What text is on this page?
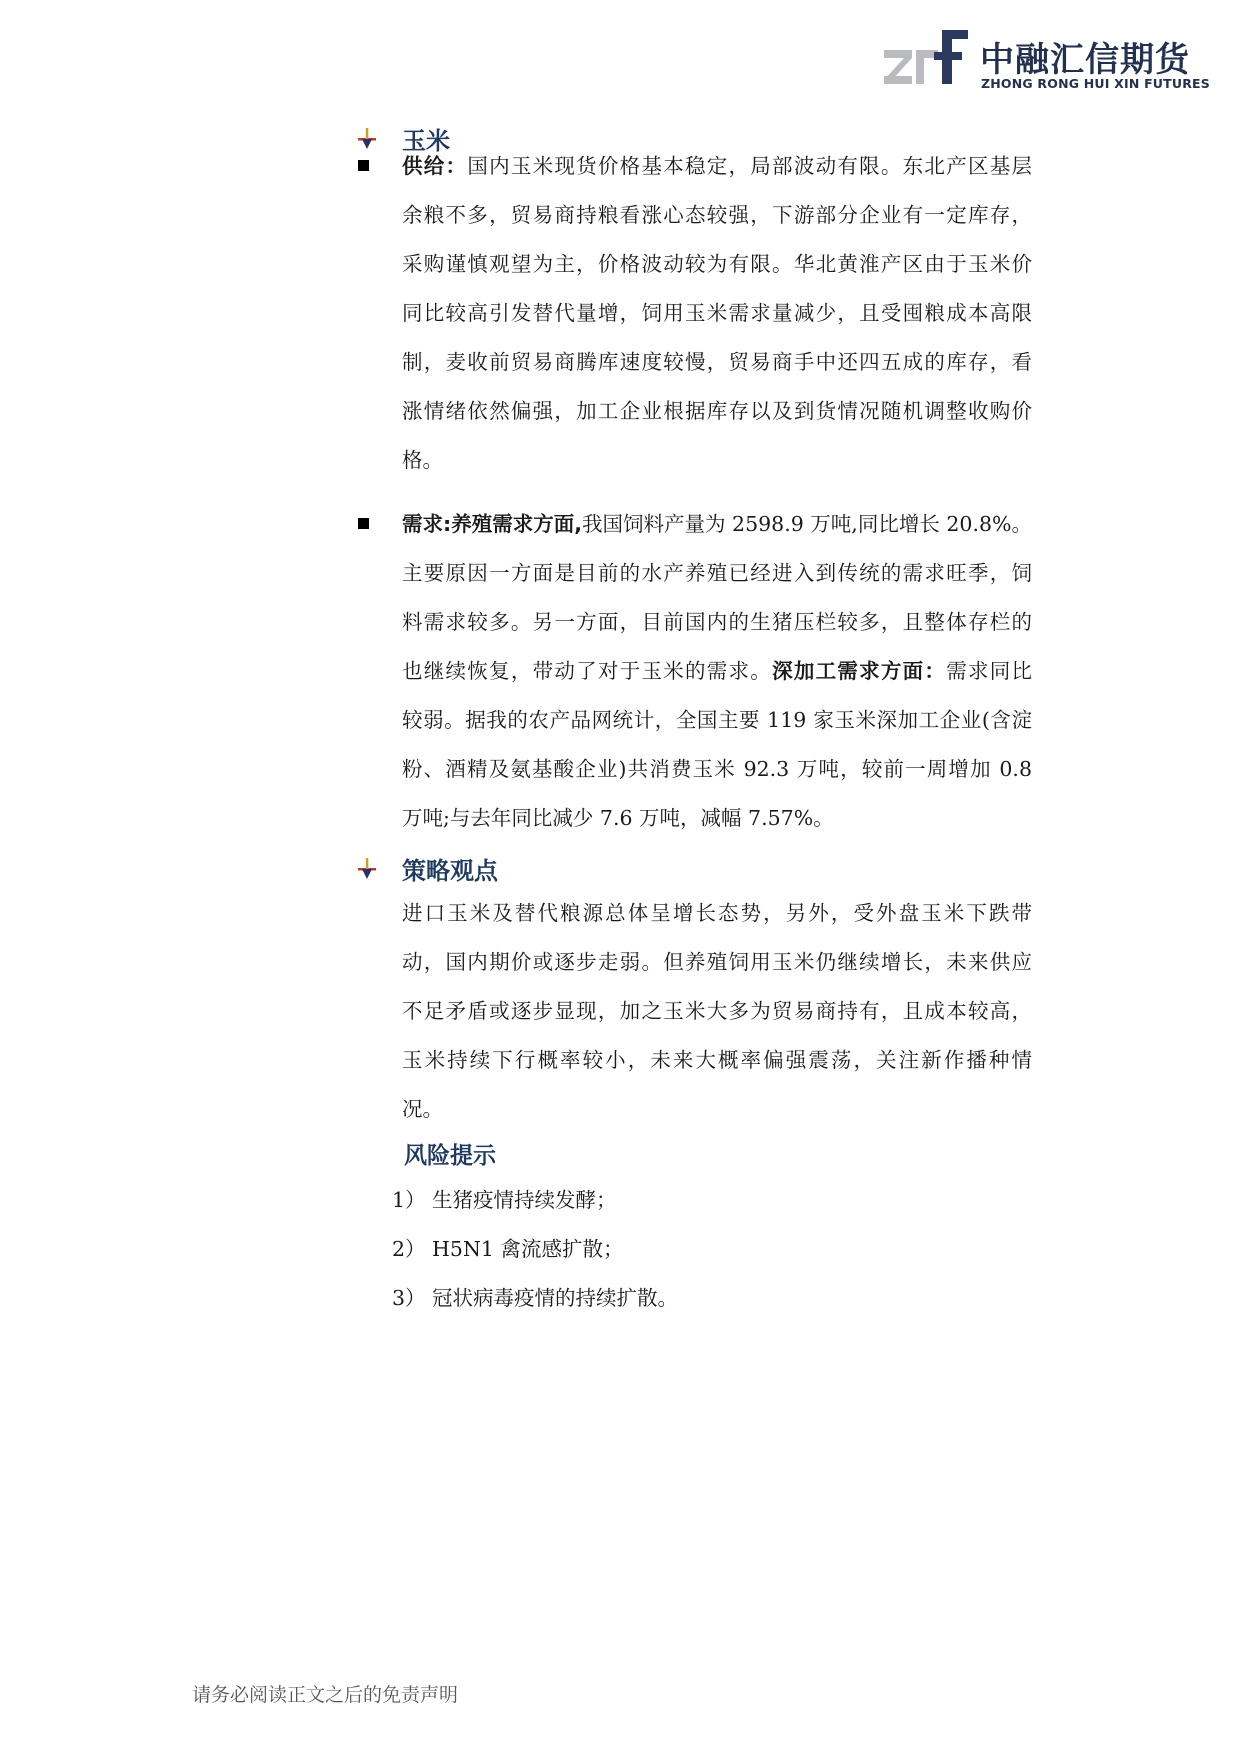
中融汇信期货
ZHONG RONG HUI XIN FUTURES
玉米
供给：国内玉米现货价格基本稳定，局部波动有限。东北产区基层
余粮不多，贸易商持粮看涨心态较强，下游部分企业有一定库存，
采购谨慎观望为主，价格波动较为有限。华北黄淮产区由于玉米价
同比较高引发替代量增，饲用玉米需求量减少，且受囤粮成本高限
制，麦收前贸易商腾库速度较慢，贸易商手中还四五成的库存，看
涨情绪依然偏强，加工企业根据库存以及到货情况随机调整收购价
格。
需求:养殖需求方面,我国饲料产量为 2598.9 万吨,同比增长 20.8%。
主要原因一方面是目前的水产养殖已经进入到传统的需求旺季，饲
料需求较多。另一方面，目前国内的生猪压栏较多，且整体存栏的
也继续恢复，带动了对于玉米的需求。深加工需求方面：需求同比
较弱。据我的农产品网统计，全国主要 119 家玉米深加工企业(含淀
粉、酒精及氨基酸企业)共消费玉米 92.3 万吨，较前一周增加 0.8
万吨;与去年同比减少 7.6 万吨，减幅 7.57%。
策略观点
进口玉米及替代粮源总体呈增长态势，另外，受外盘玉米下跌带
动，国内期价或逐步走弱。但养殖饲用玉米仍继续增长，未来供应
不足矛盾或逐步显现，加之玉米大多为贸易商持有，且成本较高，
玉米持续下行概率较小，未来大概率偏强震荡，关注新作播种情
况。
风险提示
1） 生猪疫情持续发酵；
2） H5N1 禽流感扩散；
3） 冠状病毒疫情的持续扩散。
请务必阅读正文之后的免责声明
